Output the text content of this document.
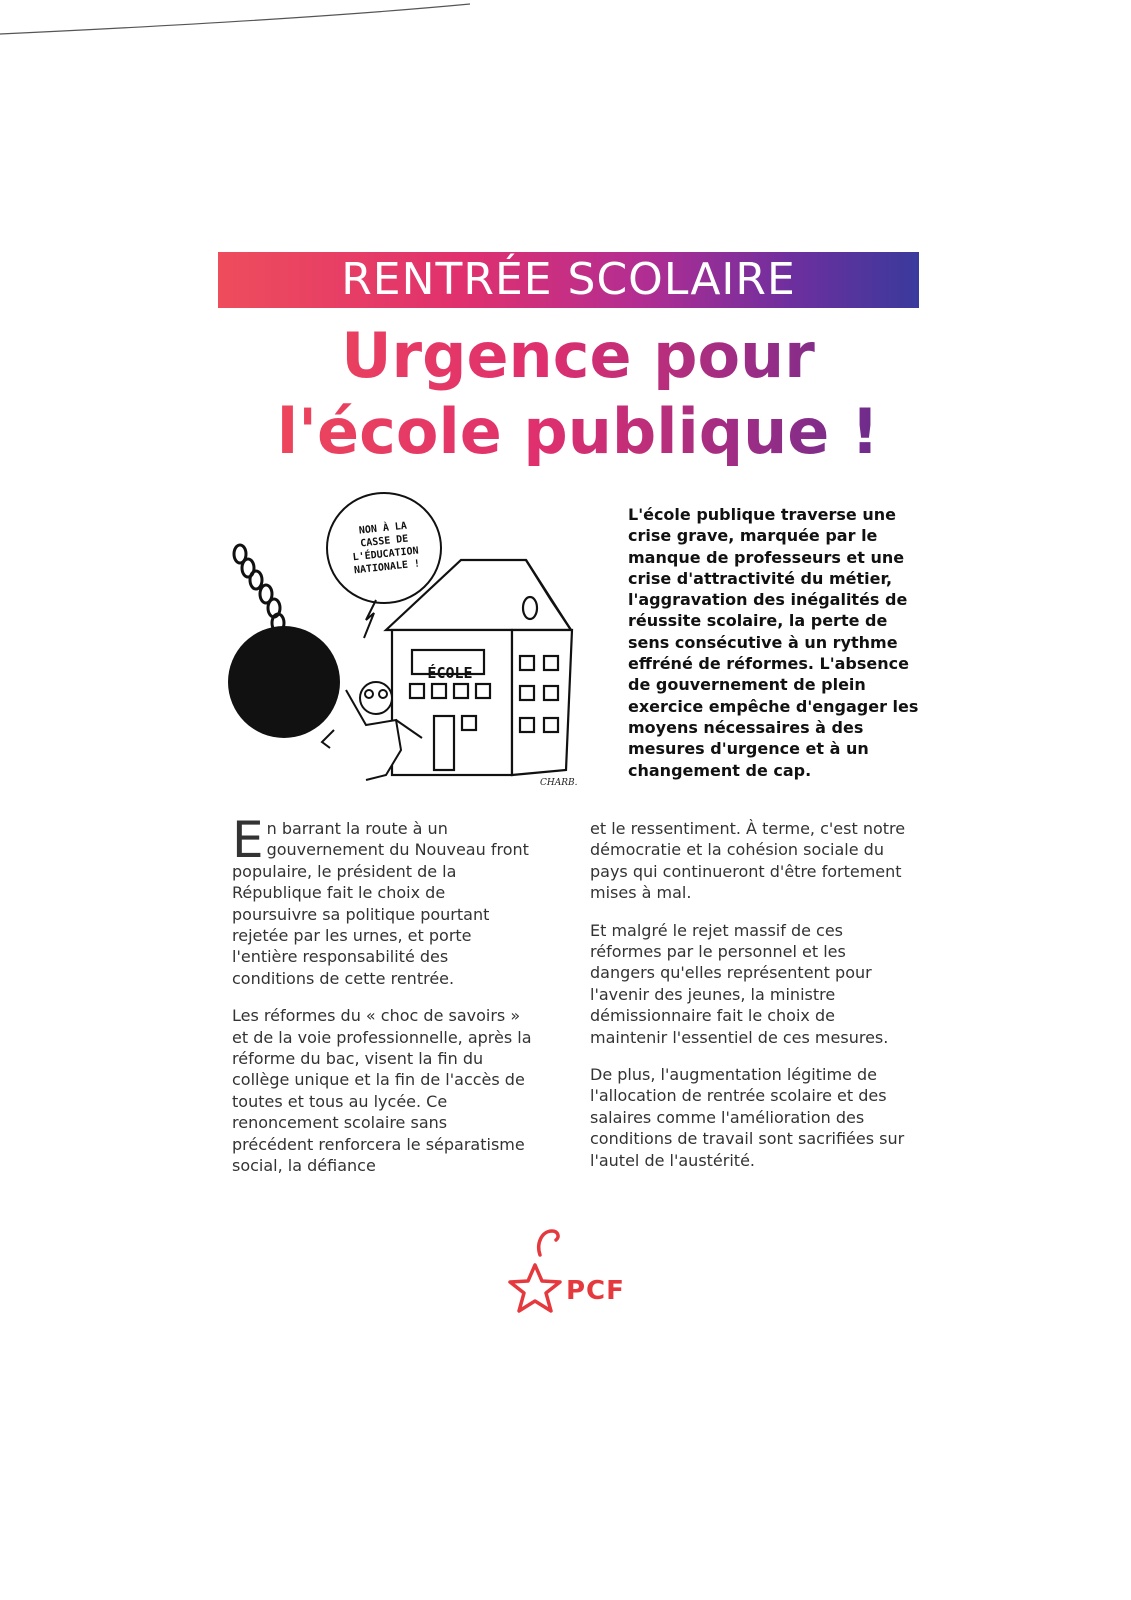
RENTRÉE SCOLAIRE
Urgence pour
l'école publique !
NON À LA
CASSE DE
L'ÉDUCATION
NATIONALE !
ÉCOLE
CHARB.
L'école publique traverse une crise grave, marquée par le manque de professeurs et une crise d'attractivité du métier, l'aggravation des inégalités de réussite scolaire, la perte de sens consécutive à un rythme effréné de réformes. L'absence de gouvernement de plein exercice empêche d'engager les moyens nécessaires à des mesures d'urgence et à un changement de cap.

En barrant la route à un gouvernement du Nouveau front populaire, le président de la République fait le choix de poursuivre sa politique pourtant rejetée par les urnes, et porte l'entière responsabilité des conditions de cette rentrée.

Les réformes du « choc de savoirs » et de la voie professionnelle, après la réforme du bac, visent la fin du collège unique et la fin de l'accès de toutes et tous au lycée. Ce renoncement scolaire sans précédent renforcera le séparatisme social, la défiance

et le ressentiment. À terme, c'est notre démocratie et la cohésion sociale du pays qui continueront d'être fortement mises à mal.

Et malgré le rejet massif de ces réformes par le personnel et les dangers qu'elles représentent pour l'avenir des jeunes, la ministre démissionnaire fait le choix de maintenir l'essentiel de ces mesures.

De plus, l'augmentation légitime de l'allocation de rentrée scolaire et des salaires comme l'amélioration des conditions de travail sont sacrifiées sur l'autel de l'austérité.

PCF
